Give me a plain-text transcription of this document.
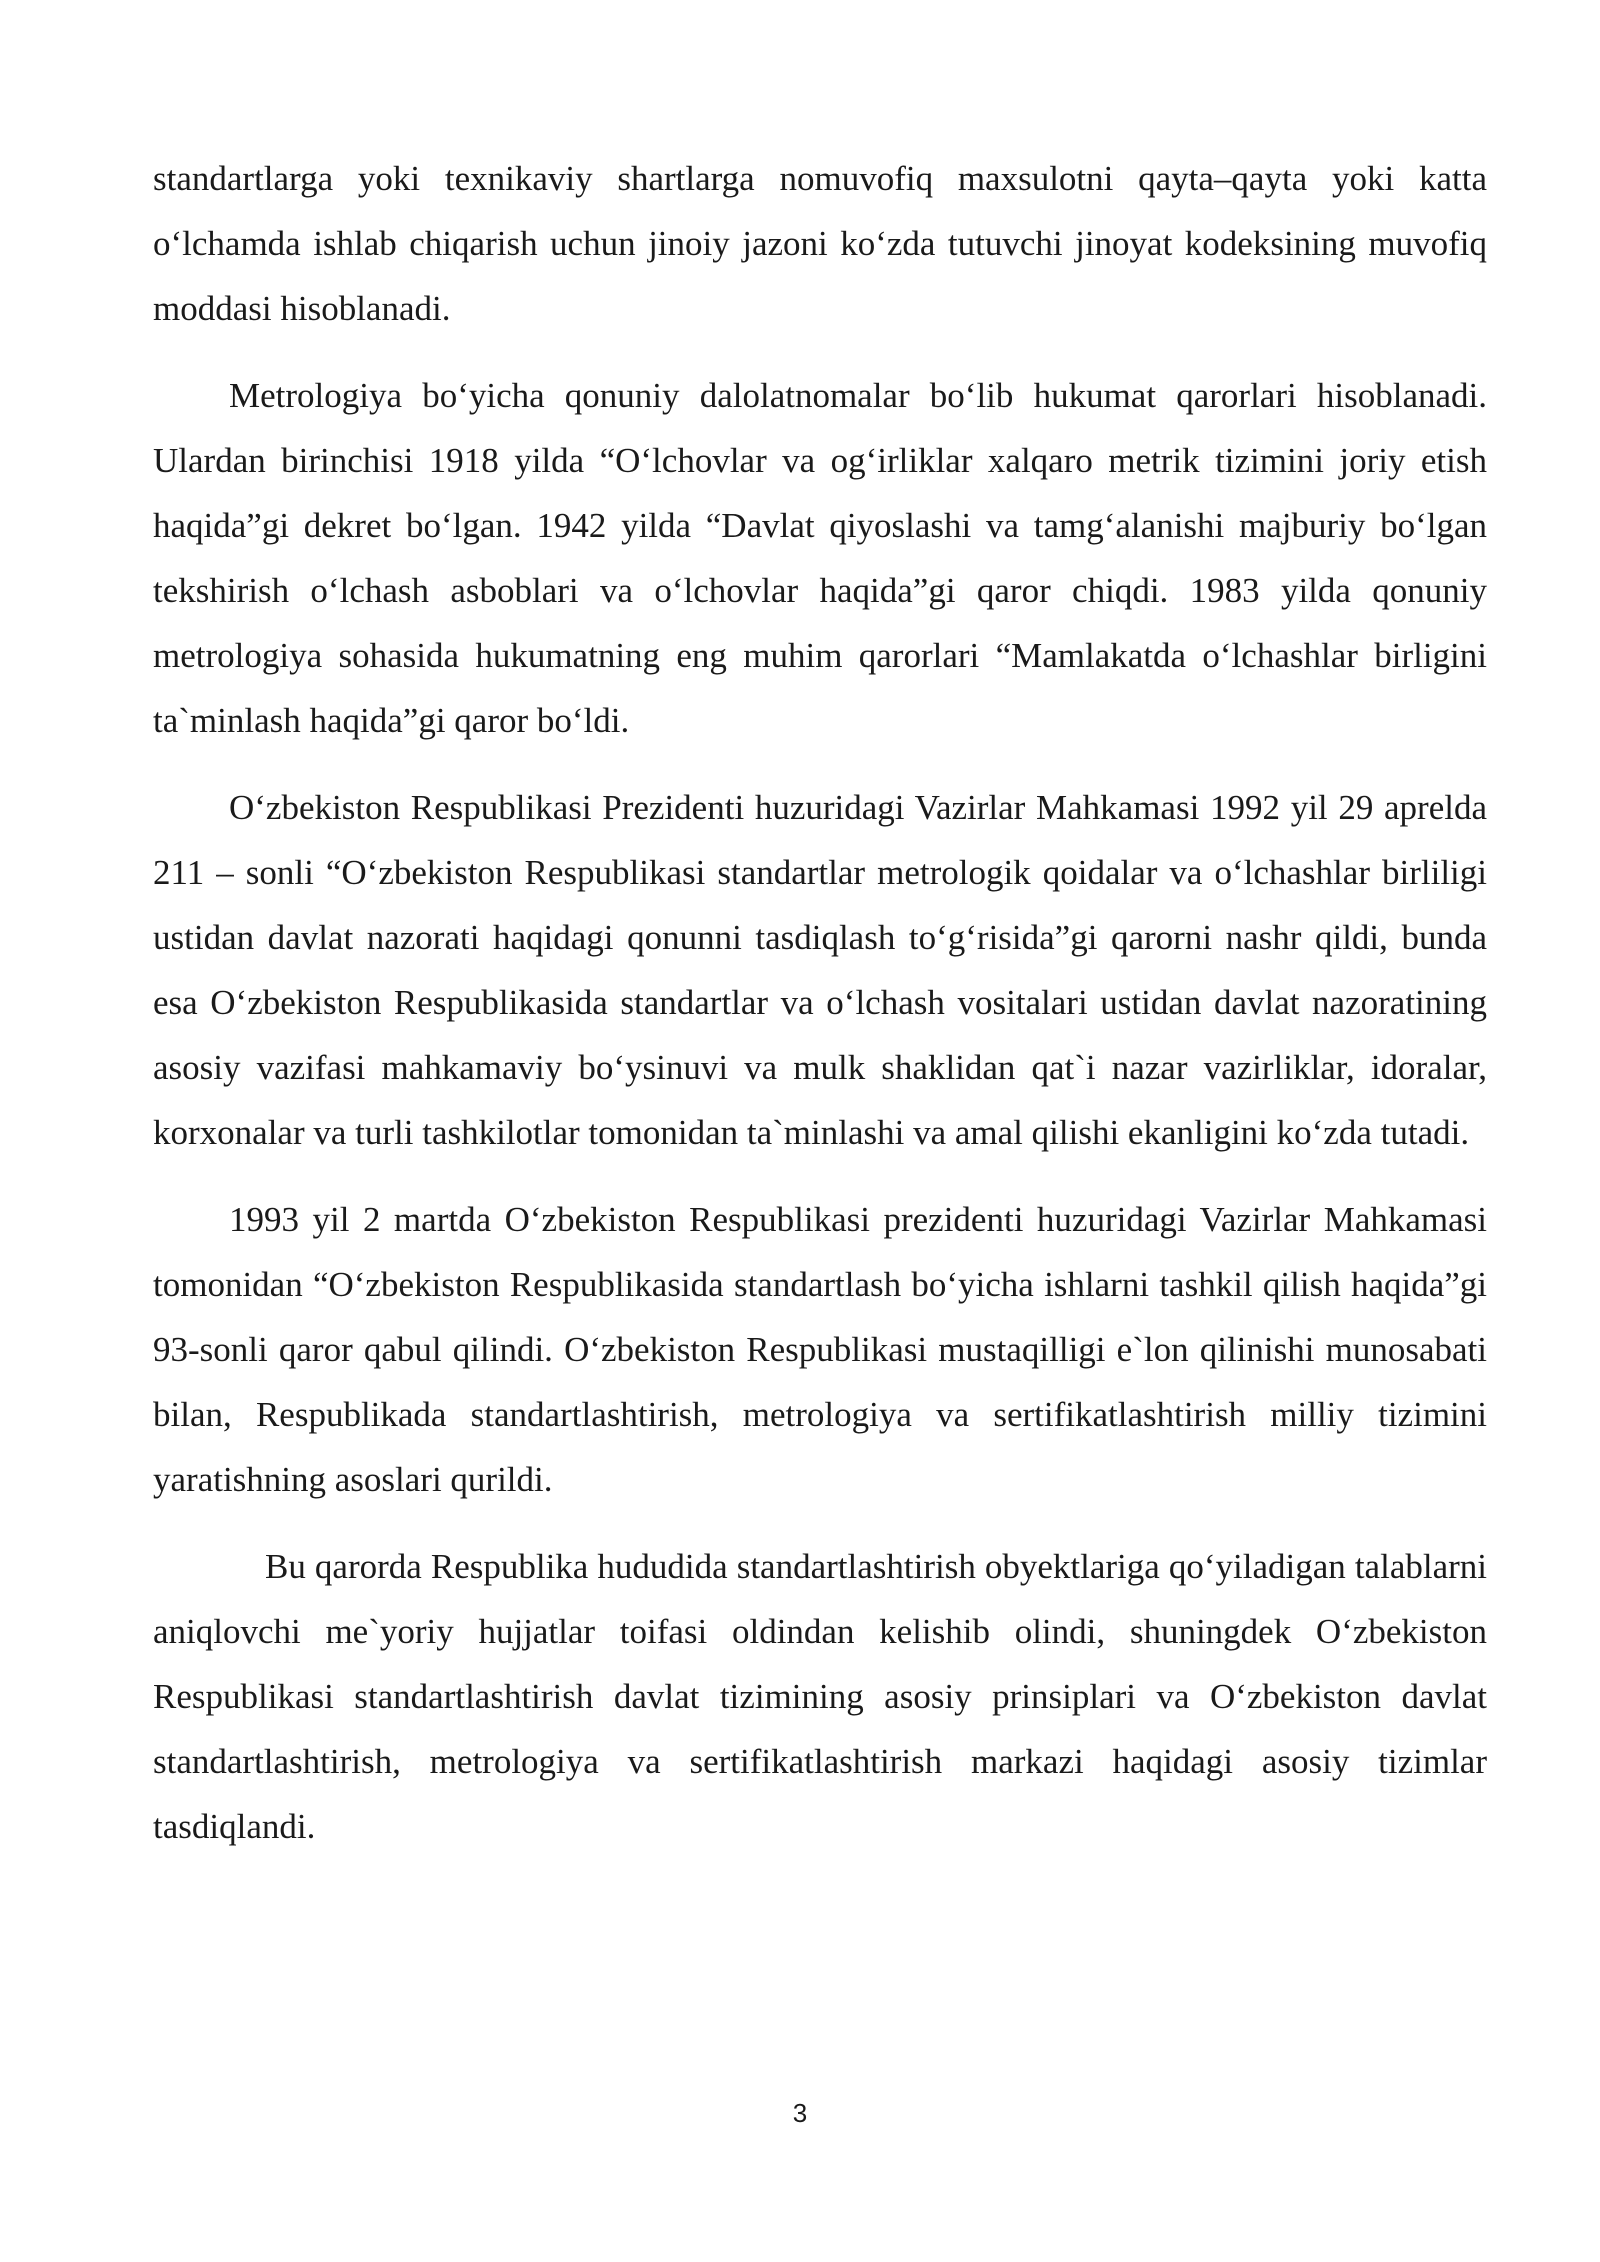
standartlarga yoki texnikaviy shartlarga nomuvofiq maxsulotni qayta–qayta yoki katta o‘lchamda ishlab chiqarish uchun jinoiy jazoni ko‘zda tutuvchi jinoyat kodeksining muvofiq moddasi hisoblanadi.

Metrologiya bo‘yicha qonuniy dalolatnomalar bo‘lib hukumat qarorlari hisoblanadi. Ulardan birinchisi 1918 yilda “O‘lchovlar va og‘irliklar xalqaro metrik tizimini joriy etish haqida”gi dekret bo‘lgan. 1942 yilda “Davlat qiyoslashi va tamg‘alanishi majburiy bo‘lgan tekshirish o‘lchash asboblari va o‘lchovlar haqida”gi qaror chiqdi. 1983 yilda qonuniy metrologiya sohasida hukumatning eng muhim qarorlari “Mamlakatda o‘lchashlar birligini ta`minlash haqida”gi qaror bo‘ldi.

O‘zbekiston Respublikasi Prezidenti huzuridagi Vazirlar Mahkamasi 1992 yil 29 aprelda 211 – sonli “O‘zbekiston Respublikasi standartlar metrologik qoidalar va o‘lchashlar birliligi ustidan davlat nazorati haqidagi qonunni tasdiqlash to‘g‘risida”gi qarorni nashr qildi, bunda esa O‘zbekiston Respublikasida standartlar va o‘lchash vositalari ustidan davlat nazoratining asosiy vazifasi mahkamaviy bo‘ysinuvi va mulk shaklidan qat`i nazar vazirliklar, idoralar, korxonalar va turli tashkilotlar tomonidan ta`minlashi va amal qilishi ekanligini ko‘zda tutadi.

1993 yil 2 martda O‘zbekiston Respublikasi prezidenti huzuridagi Vazirlar Mahkamasi tomonidan “O‘zbekiston Respublikasida standartlash bo‘yicha ishlarni tashkil qilish haqida”gi 93-sonli qaror qabul qilindi. O‘zbekiston Respublikasi mustaqilligi e`lon qilinishi munosabati bilan, Respublikada standartlashtirish, metrologiya va sertifikatlashtirish milliy tizimini yaratishning asoslari qurildi.

Bu qarorda Respublika hududida standartlashtirish obyektlariga qo‘yiladigan talablarni aniqlovchi me`yoriy hujjatlar toifasi oldindan kelishib olindi, shuningdek O‘zbekiston Respublikasi standartlashtirish davlat tizimining asosiy prinsiplari va O‘zbekiston davlat standartlashtirish, metrologiya va sertifikatlashtirish markazi haqidagi asosiy tizimlar tasdiqlandi.

3
